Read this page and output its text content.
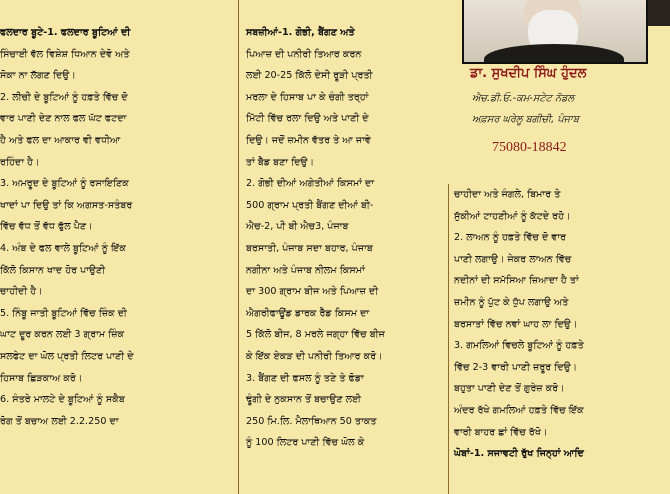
ਫਲਦਾਰ ਬੂਟੇ-1. ਫਲਦਾਰ ਬੂਟਿਆਂ ਦੀ

ਸਿੰਚਾਈ ਵੱਲ ਵਿਸ਼ੇਸ਼ ਧਿਆਨ ਦੇਵੋ ਅਤੇ

ਸੋਕਾ ਨਾ ਲੱਗਣ ਦਿਉ।

2. ਲੀਚੀ ਦੇ ਬੂਟਿਆਂ ਨੂੰ ਹਫ਼ਤੇ ਵਿੱਚ ਦੋ

ਵਾਰ ਪਾਣੀ ਦੇਣ ਨਾਲ ਫਲ ਘੱਟ ਫਟਦਾ

ਹੈ ਅਤੇ ਫਲ ਦਾ ਆਕਾਰ ਵੀ ਵਧੀਆ

ਰਹਿੰਦਾ ਹੈ।

3. ਅਮਰੂਦ ਦੇ ਬੂਟਿਆਂ ਨੂੰ ਰਸਾਇਣਿਕ

ਖਾਦਾਂ ਪਾ ਦਿਉ ਤਾਂ ਕਿ ਅਗਸਤ-ਸਤੰਬਰ

ਵਿੱਚ ਵੱਧ ਤੋਂ ਵੱਧ ਫੁੱਲ ਪੈਣ।

4. ਅੰਬ ਦੇ ਫਲ ਵਾਲੇ ਬੂਟਿਆਂ ਨੂੰ ਇੱਕ

ਕਿੱਲੋ ਕਿਸਾਨ ਖਾਦ ਹੋਰ ਪਾਉਣੀ

ਚਾਹੀਦੀ ਹੈ।

5. ਨਿੰਬੂ ਜਾਤੀ ਬੂਟਿਆਂ ਵਿੱਚ ਜ਼ਿੰਕ ਦੀ

ਘਾਟ ਦੂਰ ਕਰਨ ਲਈ 3 ਗ੍ਰਾਮ ਜ਼ਿੰਕ

ਸਲਫੇਟ ਦਾ ਘੋਲ ਪ੍ਰਤੀ ਲਿਟਰ ਪਾਣੀ ਦੇ

ਹਿਸਾਬ ਛਿੜਕਾਅ ਕਰੋ।

6. ਸੰਤਰੇ ਮਾਲਟੇ ਦੇ ਬੂਟਿਆਂ ਨੂੰ ਸਕੈਬ

ਰੋਗ ਤੋਂ ਬਚਾਅ ਲਈ 2.2.250 ਦਾ

ਸਬਜ਼ੀਆਂ-1. ਗੋਭੀ, ਬੈਂਗਣ ਅਤੇ

ਪਿਆਜ਼ ਦੀ ਪਨੀਰੀ ਤਿਆਰ ਕਰਨ

ਲਈ 20-25 ਕਿੱਲੋ ਦੇਸੀ ਰੂੜੀ ਪ੍ਰਤੀ

ਮਰਲਾ ਦੇ ਹਿਸਾਬ ਪਾ ਕੇ ਚੰਗੀ ਤਰ੍ਹਾਂ

ਮਿੱਟੀ ਵਿੱਚ ਰਲਾ ਦਿਉ ਅਤੇ ਪਾਣੀ ਦੇ

ਦਿਉ। ਜਦੋਂ ਜ਼ਮੀਨ ਵੱਤਰ ਤੇ ਆ ਜਾਵੇ

ਤਾਂ ਬੈੱਡ ਬਣਾ ਦਿਉ।

2. ਗੋਭੀ ਦੀਆਂ ਅਗੇਤੀਆਂ ਕਿਸਮਾਂ ਦਾ

500 ਗ੍ਰਾਮ ਪ੍ਰਤੀ ਬੈਂਗਣ ਦੀਆਂ ਬੀ-

ਐਚ-2, ਪੀ ਬੀ ਐਚ3, ਪੰਜਾਬ

ਬਰਸਾਤੀ, ਪੰਜਾਬ ਸਦਾ ਬਹਾਰ, ਪੰਜਾਬ

ਨਗੀਨਾ ਅਤੇ ਪੰਜਾਬ ਨੀਲਮ ਕਿਸਮਾਂ

ਦਾ 300 ਗ੍ਰਾਮ ਬੀਜ ਅਤੇ ਪਿਆਜ਼ ਦੀ

ਐਗਰੀਫਾਊਂਡ ਡਾਰਕ ਰੈੱਡ ਕਿਸਮ ਦਾ

5 ਕਿੱਲੋ ਬੀਜ, 8 ਮਰਲੇ ਜਗ੍ਹਾ ਵਿੱਚ ਬੀਜ

ਕੇ ਇੱਕ ਏਕੜ ਦੀ ਪਨੀਰੀ ਤਿਆਰ ਕਰੋ।

3. ਬੈਂਗਣ ਦੀ ਫਸਲ ਨੂੰ ਤਣੇ ਤੇ ਫੋਡਾ

ਢੂੰਗੀ ਦੇ ਨੁਕਸਾਨ ਤੋਂ ਬਚਾਉਣ ਲਈ

250 ਮਿ.ਲਿ. ਮੈਲਾਥਿਆਨ 50 ਤਾਕਤ

ਨੂੰ 100 ਲਿਟਰ ਪਾਣੀ ਵਿੱਚ ਘੋਲ ਕੇ

ਡਾ. ਸੁਖਦੀਪ ਸਿੰਘ ਹੁੰਦਲ
ਐਚ.ਡੀ.ਓ.-ਕਮ-ਸਟੇਟ ਨੋਡਲ
ਅਫ਼ਸਰ ਘਰੇਲੂ ਬਗੀਚੀ, ਪੰਜਾਬ
75080-18842

ਚਾਹੀਦਾ ਅਤੇ ਜੰਗਲੇ, ਬਿਮਾਰ ਤੇ

ਸੁੱਕੀਆਂ ਟਾਹਣੀਆਂ ਨੂੰ ਕੱਟਦੇ ਰਹੋ।

2. ਲਾਅਨ ਨੂੰ ਹਫ਼ਤੇ ਵਿੱਚ ਦੋ ਵਾਰ

ਪਾਣੀ ਲਗਾਉ। ਜੇਕਰ ਲਾਅਨ ਵਿੱਚ

ਨਦੀਨਾਂ ਦੀ ਸਮੱਸਿਆ ਜ਼ਿਆਦਾ ਹੈ ਤਾਂ

ਜ਼ਮੀਨ ਨੂੰ ਪੁੱਟ ਕੇ ਧੁੱਪ ਲਗਾਉ ਅਤੇ

ਬਰਸਾਤਾਂ ਵਿੱਚ ਨਵਾਂ ਘਾਹ ਲਾ ਦਿਉ।

3. ਗਮਲਿਆਂ ਵਿਚਲੇ ਬੂਟਿਆਂ ਨੂੰ ਹਫ਼ਤੇ

ਵਿੱਚ 2-3 ਵਾਰੀ ਪਾਣੀ ਜ਼ਰੂਰ ਦਿਉ।

ਬਹੁਤਾ ਪਾਣੀ ਦੇਣ ਤੋਂ ਗੁਰੇਜ਼ ਕਰੋ।

ਅੰਦਰ ਰੱਖੇ ਗਮਲਿਆਂ ਹਫ਼ਤੇ ਵਿੱਚ ਇੱਕ

ਵਾਰੀ ਬਾਹਰ ਛਾਂ ਵਿੱਚ ਰੱਖੋ।

ਘੋਬਾਂ-1. ਸਜਾਵਟੀ ਰੁੱਖ ਜਿਨ੍ਹਾਂ ਆਦਿ
